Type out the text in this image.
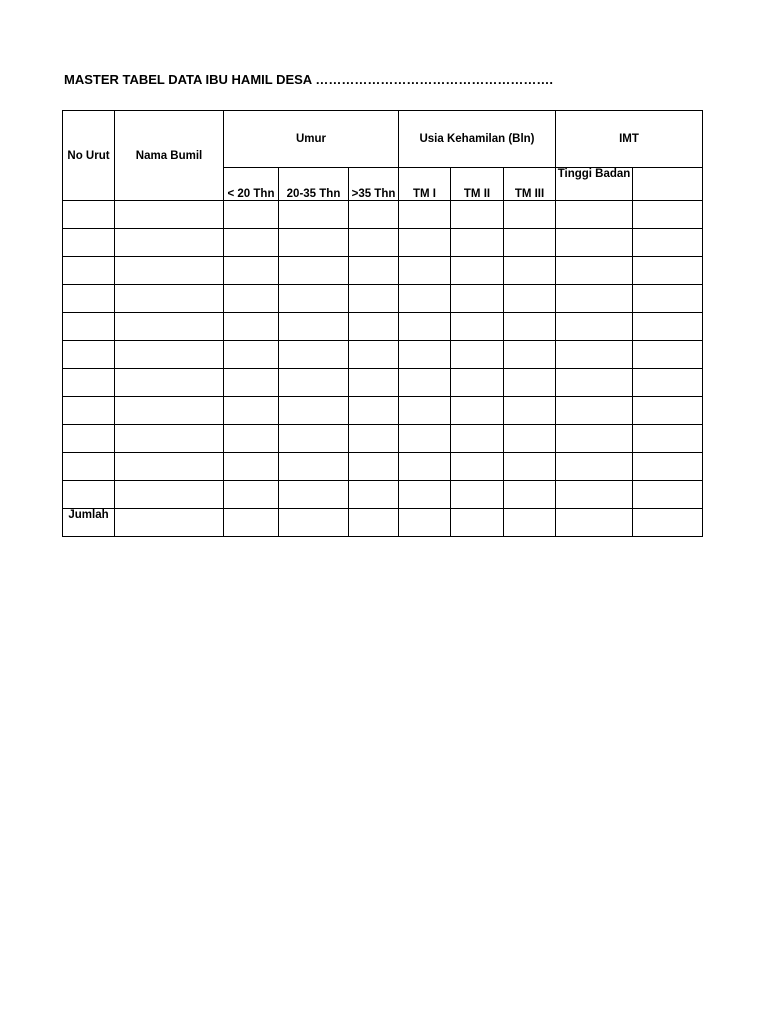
MASTER TABEL DATA IBU HAMIL DESA ……………………………………………….
No Urut	Nama Bumil	Umur			Usia Kehamilan (Bln)			IMT	
		< 20 Thn	20-35 Thn	>35 Thn	TM I	TM II	TM III	Tinggi Badan	

Jumlah									
